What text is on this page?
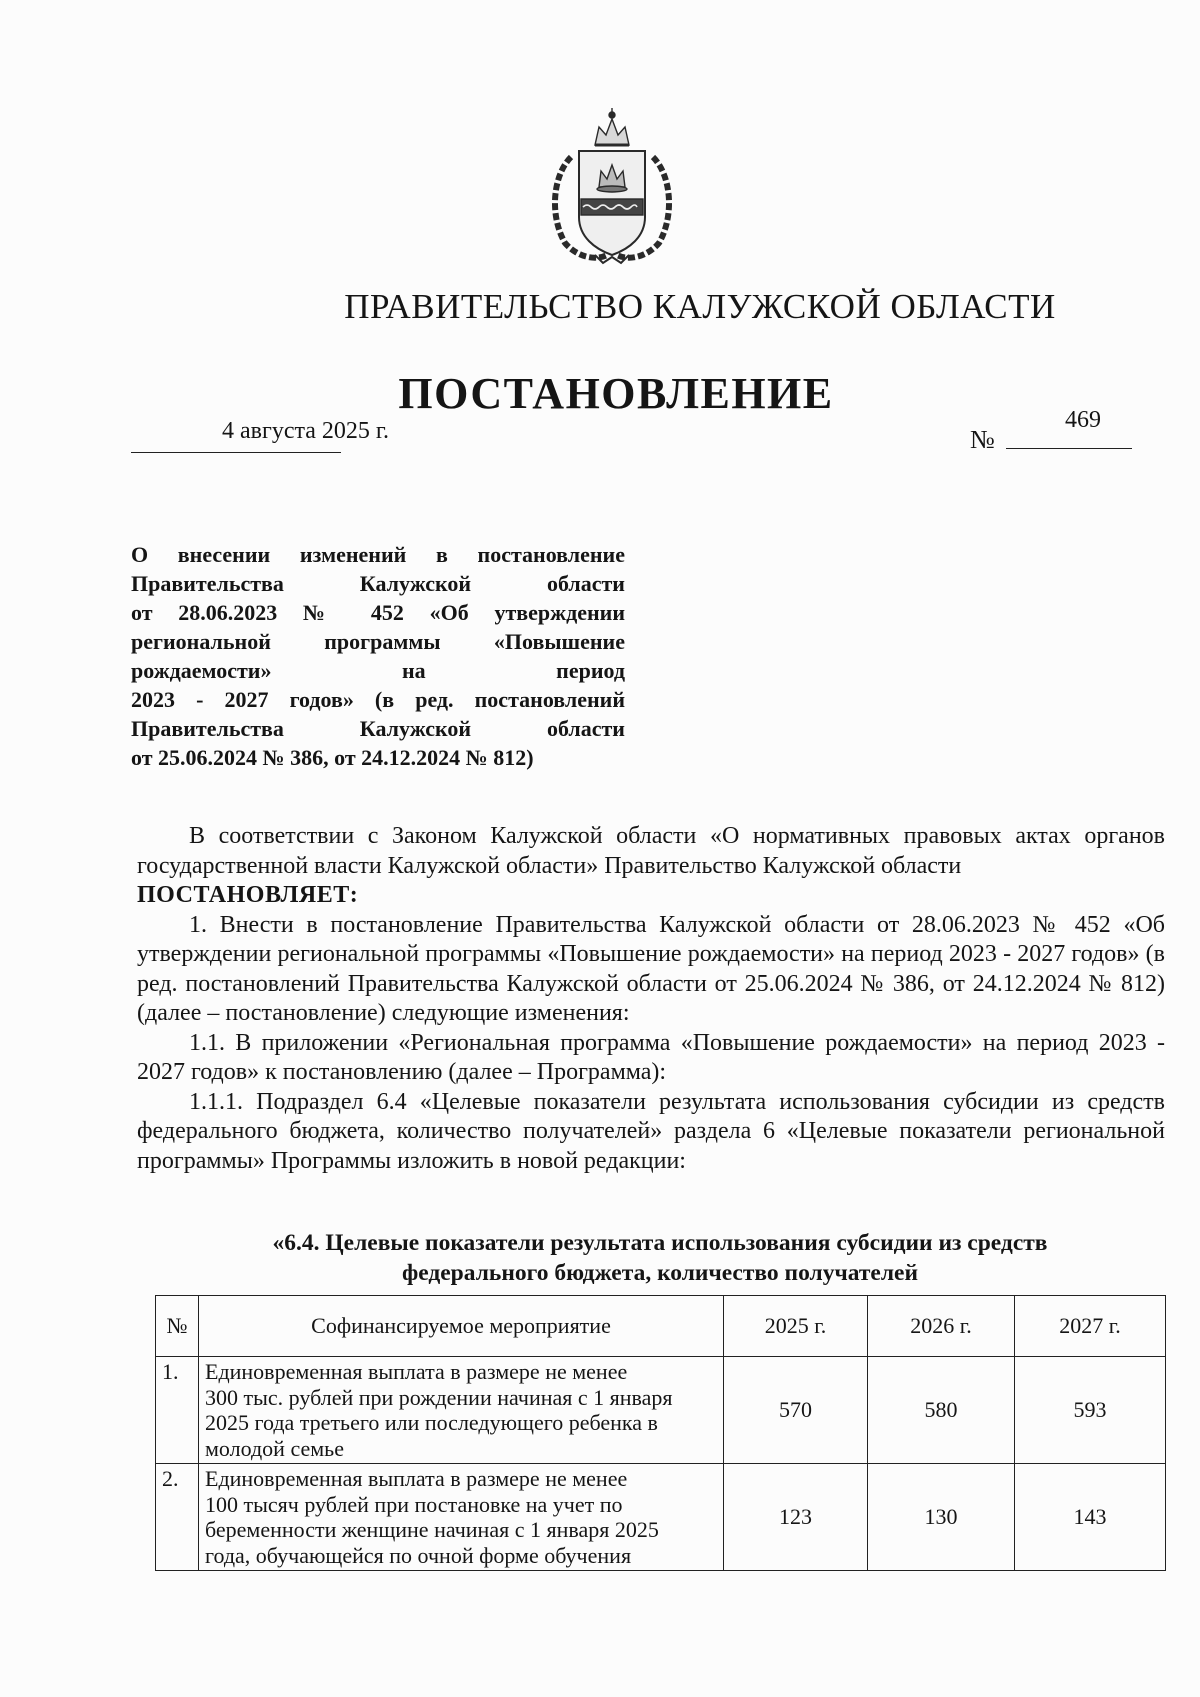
ПРАВИТЕЛЬСТВО КАЛУЖСКОЙ ОБЛАСТИ
ПОСТАНОВЛЕНИЕ
4 августа 2025 г.	№
469
О внесении изменений в постановление
Правительства Калужской области
от 28.06.2023 № 452 «Об утверждении
региональной программы «Повышение
рождаемости» на период
2023 - 2027 годов» (в ред. постановлений
Правительства Калужской области
от 25.06.2024 № 386, от 24.12.2024 № 812)

В соответствии с Законом Калужской области «О нормативных правовых актах органов государственной власти Калужской области» Правительство Калужской области

ПОСТАНОВЛЯЕТ:

1. Внести в постановление Правительства Калужской области от 28.06.2023 № 452 «Об утверждении региональной программы «Повышение рождаемости» на период 2023 - 2027 годов» (в ред. постановлений Правительства Калужской области от 25.06.2024 № 386, от 24.12.2024 № 812) (далее – постановление) следующие изменения:

1.1. В приложении «Региональная программа «Повышение рождаемости» на период 2023 - 2027 годов» к постановлению (далее – Программа):

1.1.1. Подраздел 6.4 «Целевые показатели результата использования субсидии из средств федерального бюджета, количество получателей» раздела 6 «Целевые показатели региональной программы» Программы изложить в новой редакции:

«6.4. Целевые показатели результата использования субсидии из средств
федерального бюджета, количество получателей
№	Софинансируемое мероприятие	2025 г.	2026 г.	2027 г.
1.	Единовременная выплата в размере не менее
300 тыс. рублей при рождении начиная с 1 января
2025 года третьего или последующего ребенка в
молодой семье	570	580	593
2.	Единовременная выплата в размере не менее
100 тысяч рублей при постановке на учет по
беременности женщине начиная с 1 января 2025
года, обучающейся по очной форме обучения	123	130	143
